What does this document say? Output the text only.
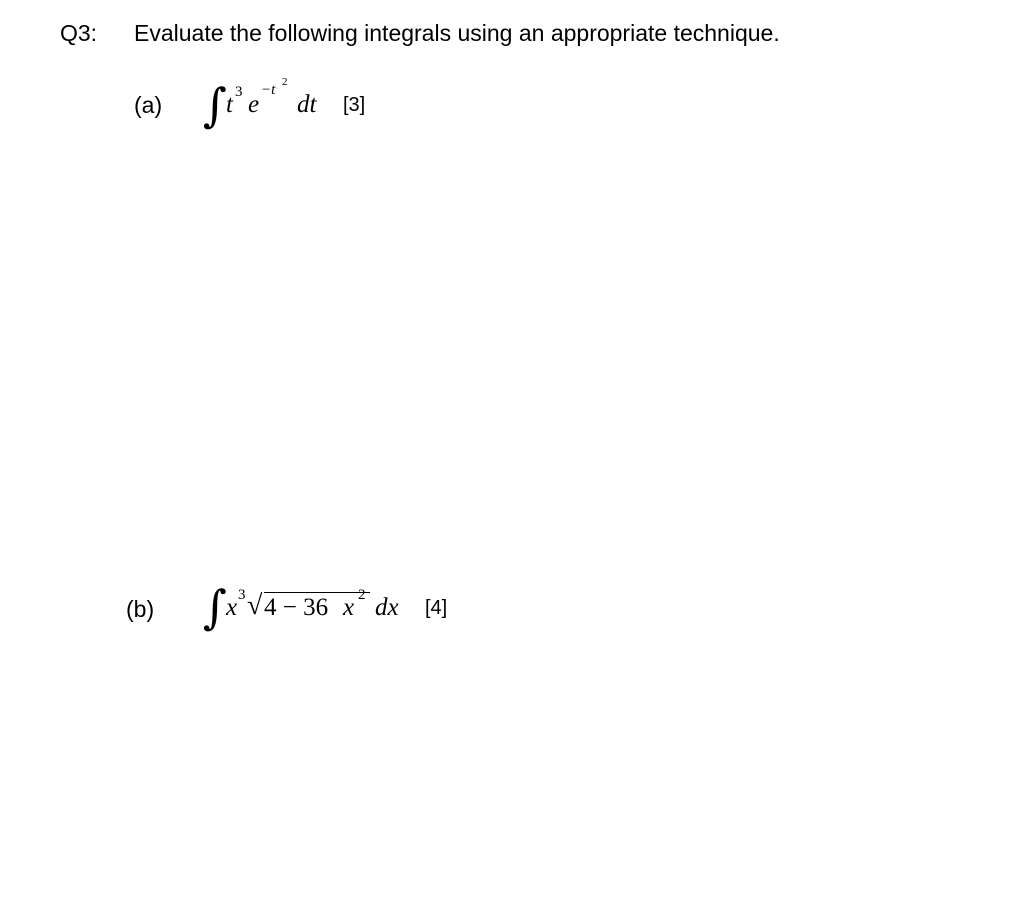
Q3: Evaluate the following integrals using an appropriate technique.
(a) ∫ t 3 e
−t 2
dt [3]
(b) ∫ x 3 √ 4 − 36 x 2 dx [4]
